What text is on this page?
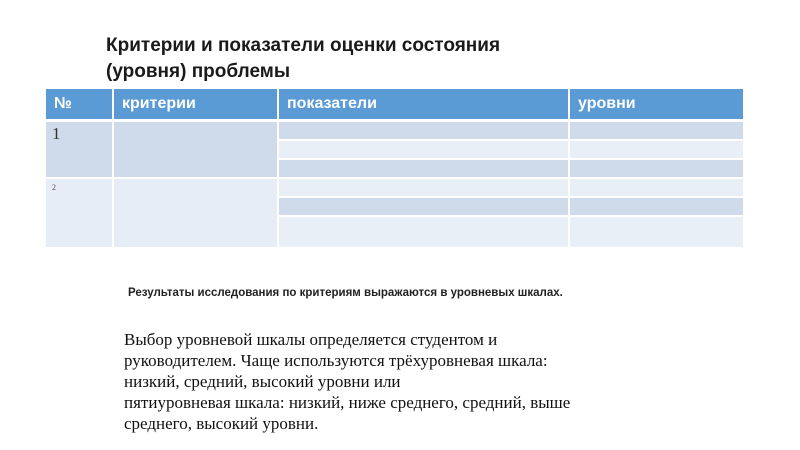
Критерии и показатели оценки состояния
(уровня) проблемы
№	критерии	показатели	уровни
1			

2			

Результаты исследования по критериям выражаются в уровневых шкалах.
Выбор уровневой шкалы определяется студентом и
руководителем. Чаще используются трёхуровневая шкала:
низкий, средний, высокий уровни или
пятиуровневая шкала: низкий, ниже среднего, средний, выше
среднего, высокий уровни.
